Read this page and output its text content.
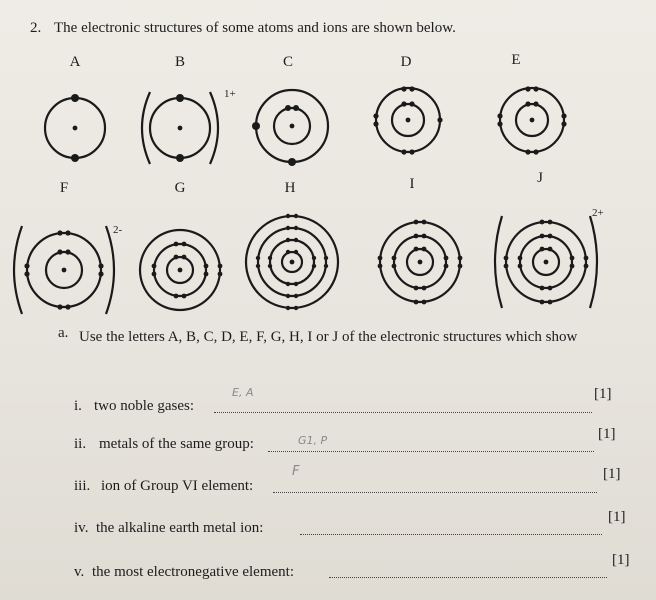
2. The electronic structures of some atoms and ions are shown below.
A	B	C	D	E
F	G	H	I	J
1+
2-
2+
a. Use the letters A, B, C, D, E, F, G, H, I or J of the electronic structures which show
i. two noble gases:
E, A	[1]
ii. metals of the same group:	G1, P	[1]
iii. ion of Group VI element:
F	[1]
iv. the alkaline earth metal ion:
[1]
v. the most electronegative element:
[1]
